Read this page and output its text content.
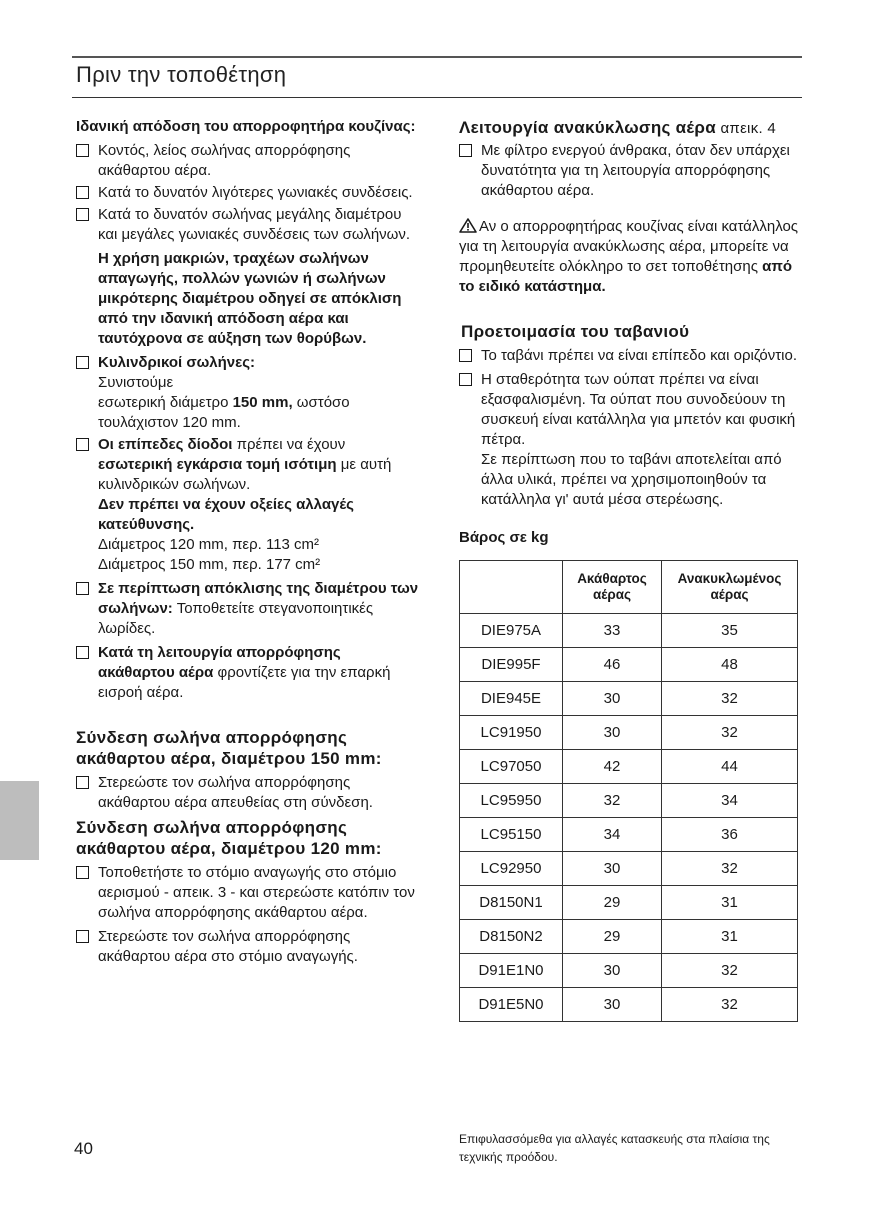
Πριν την τοποθέτηση
Ιδανική απόδοση του απορροφητήρα κουζίνας:
Κοντός, λείος σωλήνας απορρόφησης ακάθαρτου αέρα.
Κατά το δυνατόν λιγότερες γωνιακές συνδέσεις.
Κατά το δυνατόν σωλήνας μεγάλης διαμέτρου και μεγάλες γωνιακές συνδέσεις των σωλήνων.
Η χρήση μακριών, τραχέων σωλήνων απαγωγής, πολλών γωνιών ή σωλήνων μικρότερης διαμέτρου οδηγεί σε απόκλιση από την ιδανική απόδοση αέρα και ταυτόχρονα σε αύξηση των θορύβων.
Κυλινδρικοί σωλήνες:
Συνιστούμε
εσωτερική διάμετρο 150 mm, ωστόσο
τουλάχιστον 120 mm.
Οι επίπεδες δίοδοι πρέπει να έχουν εσωτερική εγκάρσια τομή ισότιμη με αυτή κυλινδρικών σωλήνων.
Δεν πρέπει να έχουν οξείες αλλαγές κατεύθυνσης.
Διάμετρος 120 mm, περ. 113 cm²
Διάμετρος 150 mm, περ. 177 cm²
Σε περίπτωση απόκλισης της διαμέτρου των σωλήνων: Τοποθετείτε στεγανοποιητικές λωρίδες.
Κατά τη λειτουργία απορρόφησης ακάθαρτου αέρα φροντίζετε για την επαρκή εισροή αέρα.
Σύνδεση σωλήνα απορρόφησης ακάθαρτου αέρα, διαμέτρου 150 mm:
Στερεώστε τον σωλήνα απορρόφησης ακάθαρτου αέρα απευθείας στη σύνδεση.
Σύνδεση σωλήνα απορρόφησης ακάθαρτου αέρα, διαμέτρου 120 mm:
Τοποθετήστε το στόμιο αναγωγής στο στόμιο αερισμού - απεικ. 3 - και στερεώστε κατόπιν τον σωλήνα απορρόφησης ακάθαρτου αέρα.
Στερεώστε τον σωλήνα απορρόφησης ακάθαρτου αέρα στο στόμιο αναγωγής.
Λειτουργία ανακύκλωσης αέρα απεικ. 4
Με φίλτρο ενεργού άνθρακα, όταν δεν υπάρχει δυνατότητα για τη λειτουργία απορρόφησης ακάθαρτου αέρα.
Αν ο απορροφητήρας κουζίνας είναι κατάλληλος για τη λειτουργία ανακύκλωσης αέρα, μπορείτε να προμηθευτείτε ολόκληρο το σετ τοποθέτησης από το ειδικό κατάστημα.
Προετοιμασία του ταβανιού
Το ταβάνι πρέπει να είναι επίπεδο και οριζόντιο.
Η σταθερότητα των ούπατ πρέπει να είναι εξασφαλισμένη. Τα ούπατ που συνοδεύουν τη συσκευή είναι κατάλληλα για μπετόν και φυσική πέτρα.
Σε περίπτωση που το ταβάνι αποτελείται από άλλα υλικά, πρέπει να χρησιμοποιηθούν τα κατάλληλα γι' αυτά μέσα στερέωσης.
Βάρος σε kg
	Ακάθαρτος αέρας	Ανακυκλωμένος αέρας
DIE975A	33	35
DIE995F	46	48
DIE945E	30	32
LC91950	30	32
LC97050	42	44
LC95950	32	34
LC95150	34	36
LC92950	30	32
D8150N1	29	31
D8150N2	29	31
D91E1N0	30	32
D91E5N0	30	32
40	Επιφυλασσόμεθα για αλλαγές κατασκευής στα πλαίσια της τεχνικής προόδου.
